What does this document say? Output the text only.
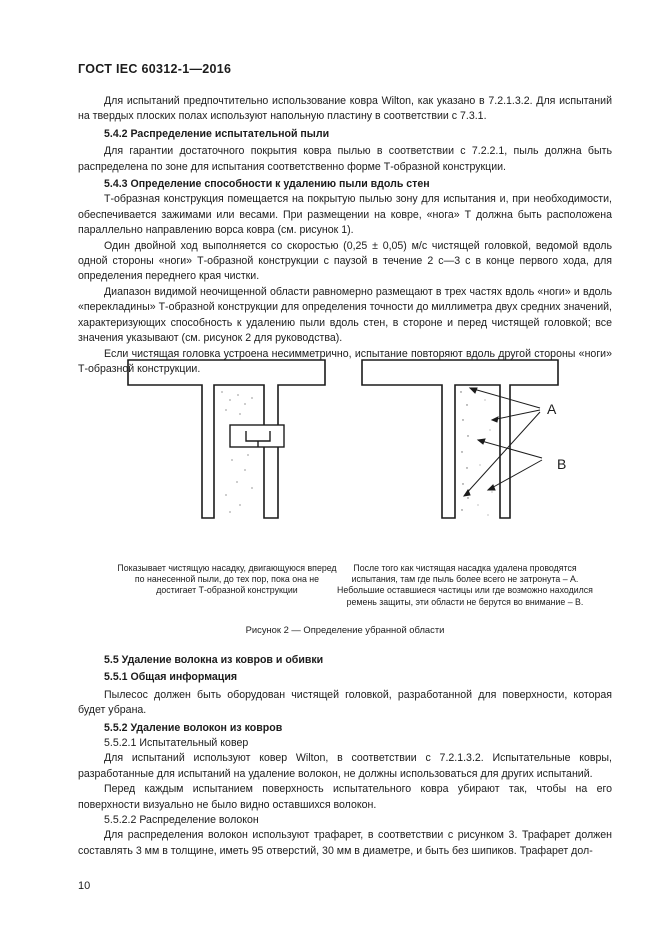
ГОСТ IEC 60312-1—2016

Для испытаний предпочтительно использование ковра Wilton, как указано в 7.2.1.3.2. Для испытаний на твердых плоских полах используют напольную пластину в соответствии с 7.3.1.

5.4.2 Распределение испытательной пыли

Для гарантии достаточного покрытия ковра пылью в соответствии с 7.2.2.1, пыль должна быть распределена по зоне для испытания соответственно форме Т-образной конструкции.

5.4.3 Определение способности к удалению пыли вдоль стен

Т-образная конструкция помещается на покрытую пылью зону для испытания и, при необходимости, обеспечивается зажимами или весами. При размещении на ковре, «нога» Т должна быть расположена параллельно направлению ворса ковра (см. рисунок 1).

Один двойной ход выполняется со скоростью (0,25 ± 0,05) м/с чистящей головкой, ведомой вдоль одной стороны «ноги» Т-образной конструкции с паузой в течение 2 с—3 с в конце первого хода, для определения переднего края чистки.

Диапазон видимой неочищенной области равномерно размещают в трех частях вдоль «ноги» и вдоль «перекладины» Т-образной конструкции для определения точности до миллиметра двух средних значений, характеризующих способность к удалению пыли вдоль стен, в стороне и перед чистящей головкой; все значения указывают (см. рисунок 2 для руководства).

Если чистящая головка устроена несимметрично, испытание повторяют вдоль другой стороны «ноги» Т-образной конструкции.

A
B
Показывает чистящую насадку, двигающуюся вперед по нанесенной пыли, до тех пор, пока она не достигает Т-образной конструкции
После того как чистящая насадка удалена проводятся испытания, там где пыль более всего не затронута – A. Небольшие оставшиеся частицы или где возможно находился ремень защиты, эти области не берутся во внимание – B.
Рисунок 2 — Определение убранной области

5.5 Удаление волокна из ковров и обивки

5.5.1 Общая информация

Пылесос должен быть оборудован чистящей головкой, разработанной для поверхности, которая будет убрана.

5.5.2 Удаление волокон из ковров

5.5.2.1 Испытательный ковер

Для испытаний используют ковер Wilton, в соответствии с 7.2.1.3.2. Испытательные ковры, разработанные для испытаний на удаление волокон, не должны использоваться для других испытаний.

Перед каждым испытанием поверхность испытательного ковра убирают так, чтобы на его поверхности визуально не было видно оставшихся волокон.

5.5.2.2 Распределение волокон

Для распределения волокон используют трафарет, в соответствии с рисунком 3. Трафарет должен составлять 3 мм в толщине, иметь 95 отверстий, 30 мм в диаметре, и быть без шипиков. Трафарет дол-

10
